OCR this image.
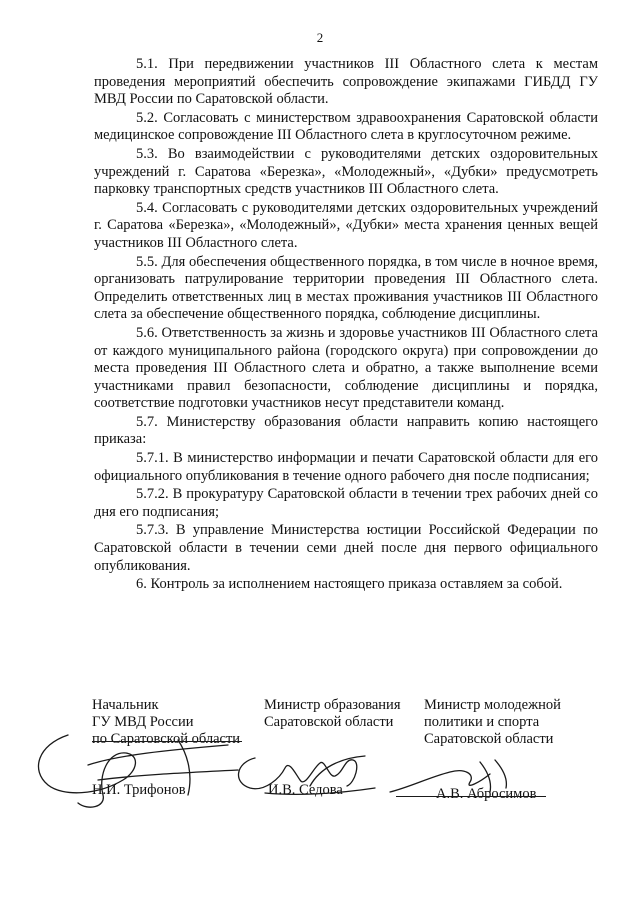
2

5.1. При передвижении участников III Областного слета к местам проведения мероприятий обеспечить сопровождение экипажами ГИБДД ГУ МВД России по Саратовской области.

5.2. Согласовать с министерством здравоохранения Саратовской области медицинское сопровождение III Областного слета в круглосуточном режиме.

5.3. Во взаимодействии с руководителями детских оздоровительных учреждений г. Саратова «Березка», «Молодежный», «Дубки» предусмотреть парковку транспортных средств участников III Областного слета.

5.4. Согласовать с руководителями детских оздоровительных учреждений г. Саратова «Березка», «Молодежный», «Дубки» места хранения ценных вещей участников III Областного слета.

5.5. Для обеспечения общественного порядка, в том числе в ночное время, организовать патрулирование территории проведения III Областного слета. Определить ответственных лиц в местах проживания участников III Областного слета за обеспечение общественного порядка, соблюдение дисциплины.

5.6. Ответственность за жизнь и здоровье участников III Областного слета от каждого муниципального района (городского округа) при сопровождении до места проведения III Областного слета и обратно, а также выполнение всеми участниками правил безопасности, соблюдение дисциплины и порядка, соответствие подготовки участников несут представители команд.

5.7. Министерству образования области направить копию настоящего приказа:

5.7.1. В министерство информации и печати Саратовской области для его официального опубликования в течение одного рабочего дня после подписания;

5.7.2. В прокуратуру Саратовской области в течении трех рабочих дней со дня его подписания;

5.7.3. В управление Министерства юстиции Российской Федерации по Саратовской области в течении семи дней после дня первого официального опубликования.

6. Контроль за исполнением настоящего приказа оставляем за собой.

Начальник
ГУ МВД России
по Саратовской области
Н.И. Трифонов
Министр образования
Саратовской области
И.В. Седова
Министр молодежной
политики и спорта
Саратовской области
А.В. Абросимов
